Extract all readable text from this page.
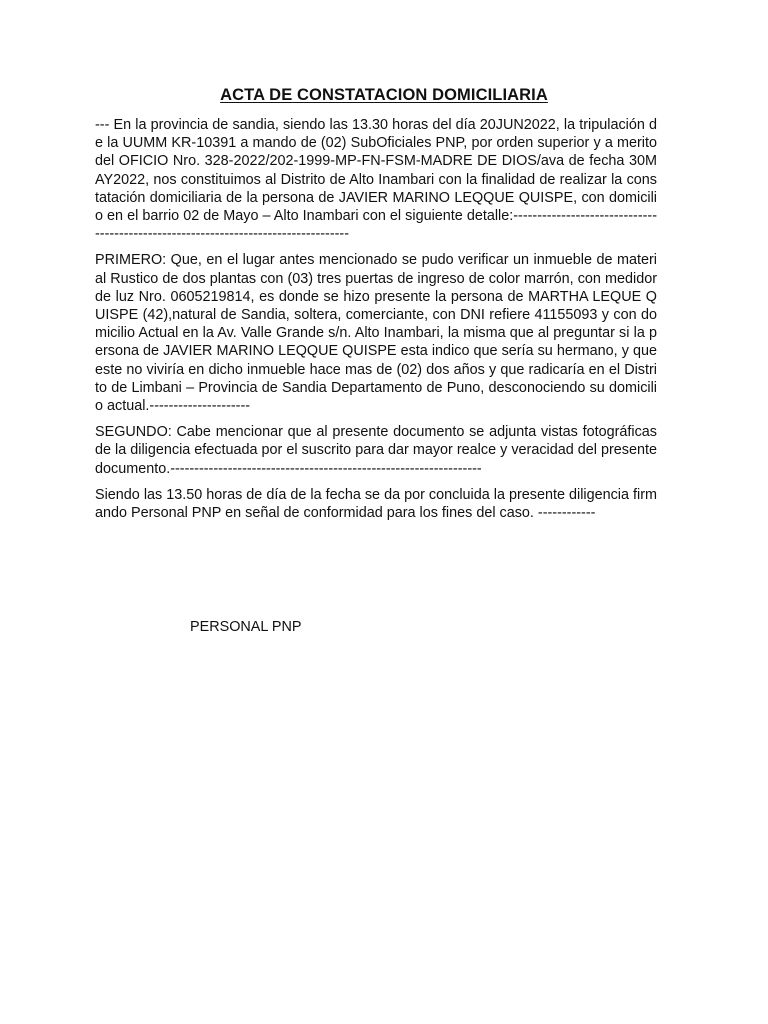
ACTA DE CONSTATACION DOMICILIARIA

--- En la provincia de sandia, siendo las 13.30 horas del día 20JUN2022, la tripulación de la UUMM KR-10391 a mando de (02) SubOficiales PNP, por orden superior y a merito del OFICIO Nro. 328-2022/202-1999-MP-FN-FSM-MADRE DE DIOS/ava de fecha 30MAY2022, nos constituimos al Distrito de Alto Inambari con la finalidad de realizar la constatación domiciliaria de la persona de JAVIER MARINO LEQQUE QUISPE, con domicilio en el barrio 02 de Mayo – Alto Inambari con el siguiente detalle:-----------------------------------------------------------------------------------

PRIMERO: Que, en el lugar antes mencionado se pudo verificar un inmueble de material Rustico de dos plantas con (03) tres puertas de ingreso de color marrón, con medidor de luz Nro. 0605219814, es donde se hizo presente la persona de MARTHA LEQUE QUISPE (42),natural de Sandia, soltera, comerciante, con DNI refiere 41155093 y con domicilio Actual en la Av. Valle Grande s/n. Alto Inambari, la misma que al preguntar si la persona de JAVIER MARINO LEQQUE QUISPE esta indico que sería su hermano, y que este no viviría en dicho inmueble hace mas de (02) dos años y que radicaría en el Distrito de Limbani – Provincia de Sandia Departamento de Puno, desconociendo su domicilio actual.---------------------

SEGUNDO: Cabe mencionar que al presente documento se adjunta vistas fotográficas de la diligencia efectuada por el suscrito para dar mayor realce y veracidad del presente documento.-----------------------------------------------------------------

Siendo las 13.50 horas de día de la fecha se da por concluida la presente diligencia firmando Personal PNP en señal de conformidad para los fines del caso. ------------

PERSONAL PNP
